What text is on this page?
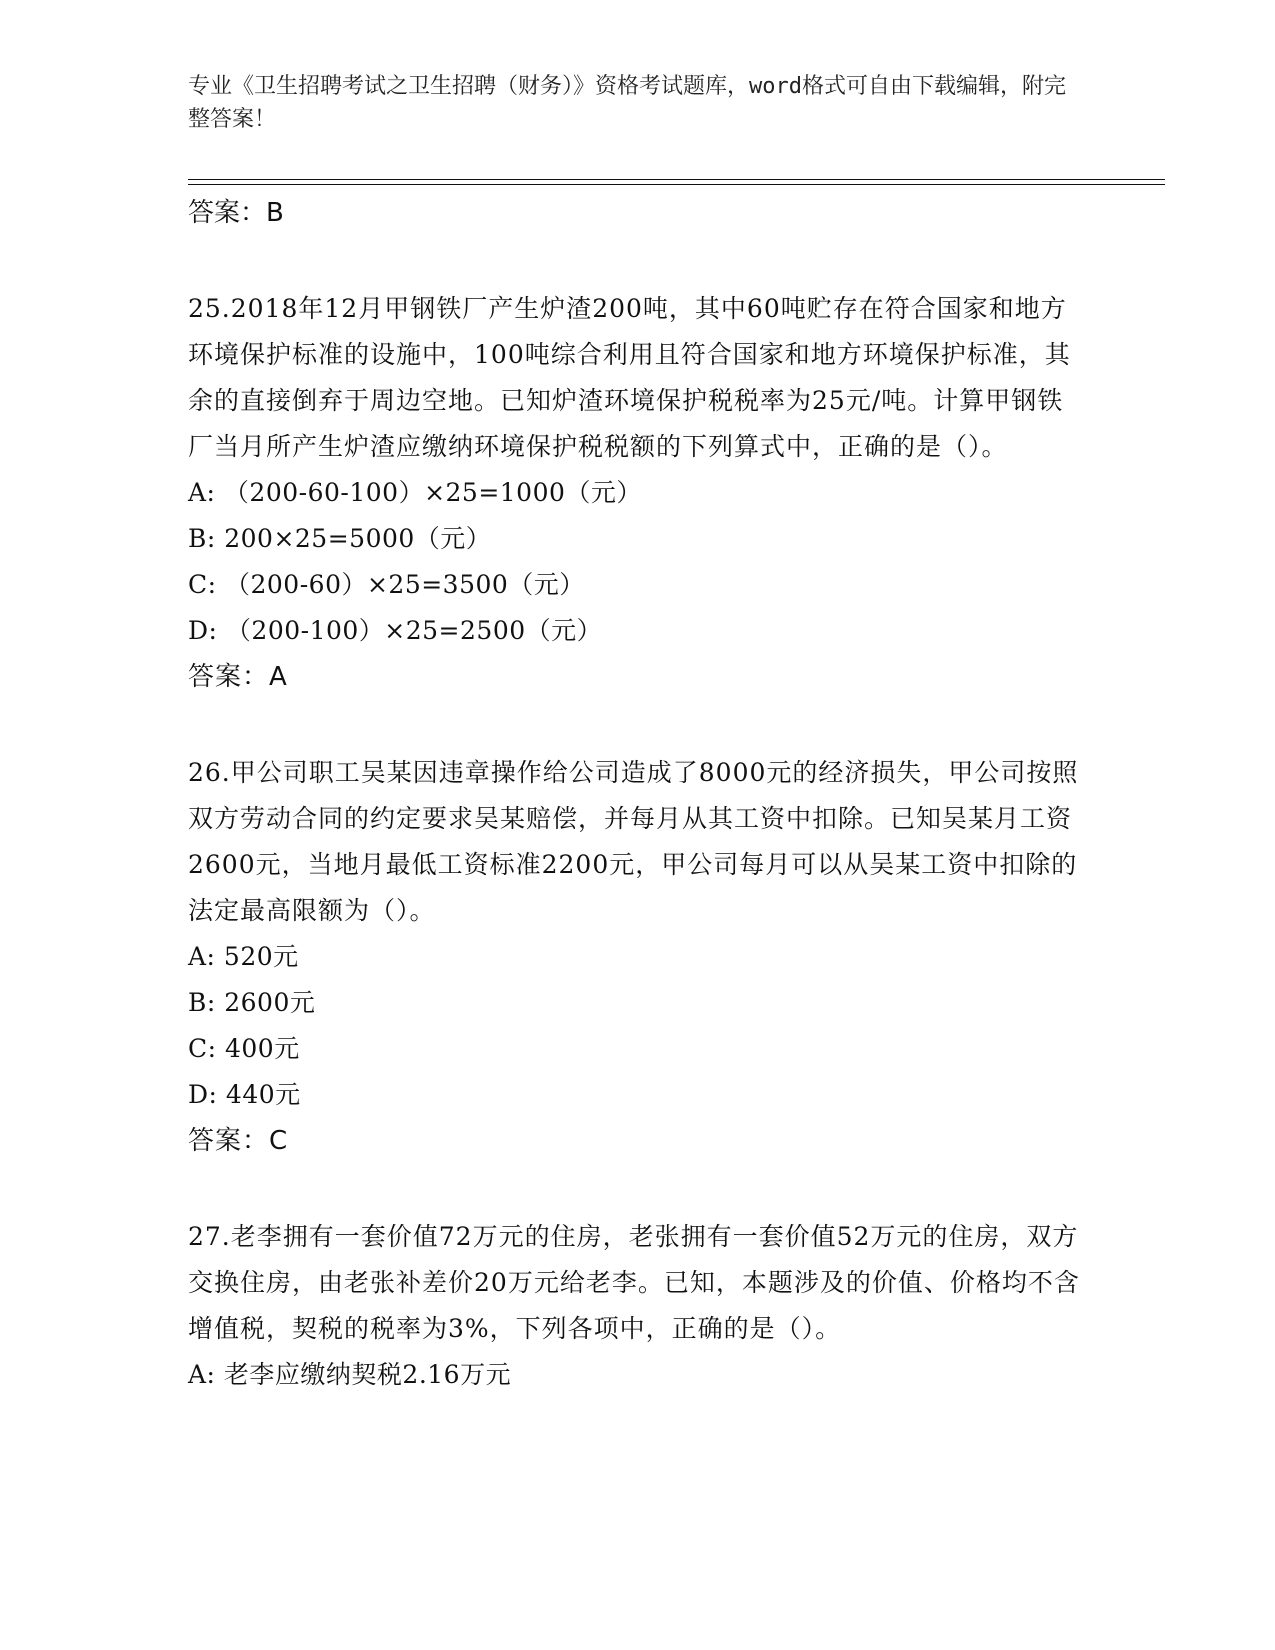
专业《卫生招聘考试之卫生招聘（财务）》资格考试题库，word格式可自由下载编辑，附完整答案！
答案：B
25.2018年12月甲钢铁厂产生炉渣200吨，其中60吨贮存在符合国家和地方环境保护标准的设施中，100吨综合利用且符合国家和地方环境保护标准，其余的直接倒弃于周边空地。已知炉渣环境保护税税率为25元/吨。计算甲钢铁厂当月所产生炉渣应缴纳环境保护税税额的下列算式中，正确的是（）。
A: （200-60-100）×25=1000（元）
B: 200×25=5000（元）
C: （200-60）×25=3500（元）
D: （200-100）×25=2500（元）
答案：A
26.甲公司职工吴某因违章操作给公司造成了8000元的经济损失，甲公司按照双方劳动合同的约定要求吴某赔偿，并每月从其工资中扣除。已知吴某月工资2600元，当地月最低工资标准2200元，甲公司每月可以从吴某工资中扣除的法定最高限额为（）。
A: 520元
B: 2600元
C: 400元
D: 440元
答案：C
27.老李拥有一套价值72万元的住房，老张拥有一套价值52万元的住房，双方交换住房，由老张补差价20万元给老李。已知，本题涉及的价值、价格均不含增值税，契税的税率为3%，下列各项中，正确的是（）。
A: 老李应缴纳契税2.16万元
